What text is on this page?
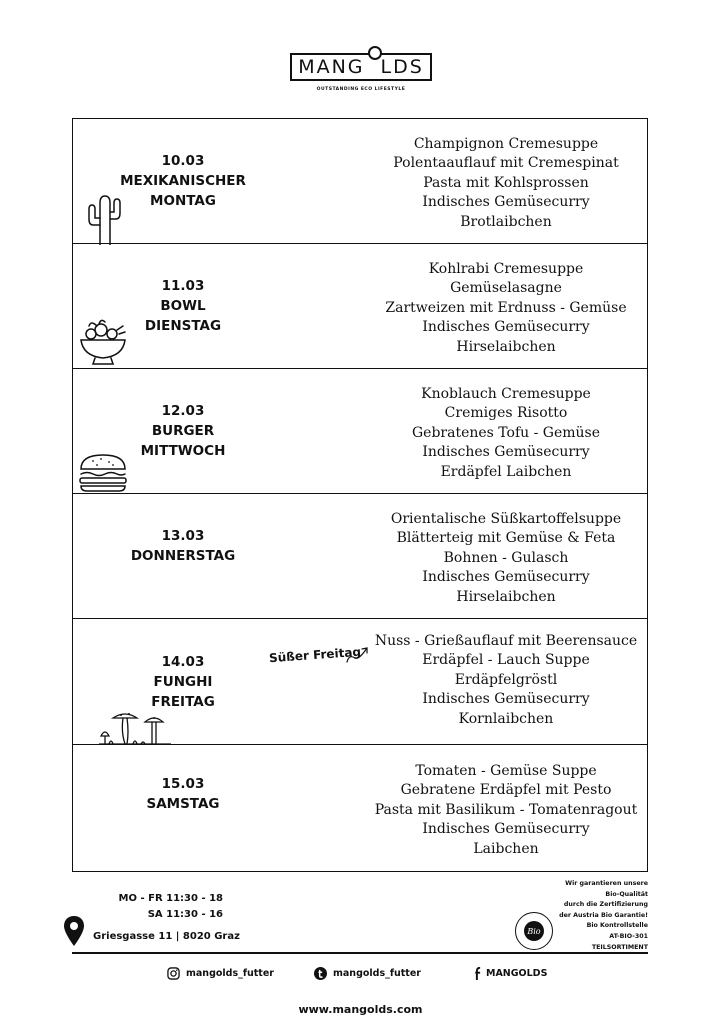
MANG LDS
OUTSTANDING ECO LIFESTYLE
10.03
MEXIKANISCHER
MONTAG
Champignon Cremesuppe
Polentaauflauf mit Cremespinat
Pasta mit Kohlsprossen
Indisches Gemüsecurry
Brotlaibchen
11.03
BOWL
DIENSTAG
Kohlrabi Cremesuppe
Gemüselasagne
Zartweizen mit Erdnuss - Gemüse
Indisches Gemüsecurry
Hirselaibchen
12.03
BURGER
MITTWOCH
Knoblauch Cremesuppe
Cremiges Risotto
Gebratenes Tofu - Gemüse
Indisches Gemüsecurry
Erdäpfel Laibchen
13.03
DONNERSTAG
Orientalische Süßkartoffelsuppe
Blätterteig mit Gemüse & Feta
Bohnen - Gulasch
Indisches Gemüsecurry
Hirselaibchen
14.03
FUNGHI
FREITAG
Süßer Freitag
Nuss - Grießauflauf mit Beerensauce
Erdäpfel - Lauch Suppe
Erdäpfelgröstl
Indisches Gemüsecurry
Kornlaibchen
15.03
SAMSTAG
Tomaten - Gemüse Suppe
Gebratene Erdäpfel mit Pesto
Pasta mit Basilikum - Tomatenragout
Indisches Gemüsecurry
Laibchen
MO - FR 11:30 - 18
SA 11:30 - 16
Griesgasse 11 | 8020 Graz
Wir garantieren unsere
Bio-Qualität
durch die Zertifizierung
der Austria Bio Garantie!
Bio Kontrollstelle
AT-BIO-301
TEILSORTIMENT
Bio
mangolds_futter	mangolds_futter	MANGOLDS
www.mangolds.com
